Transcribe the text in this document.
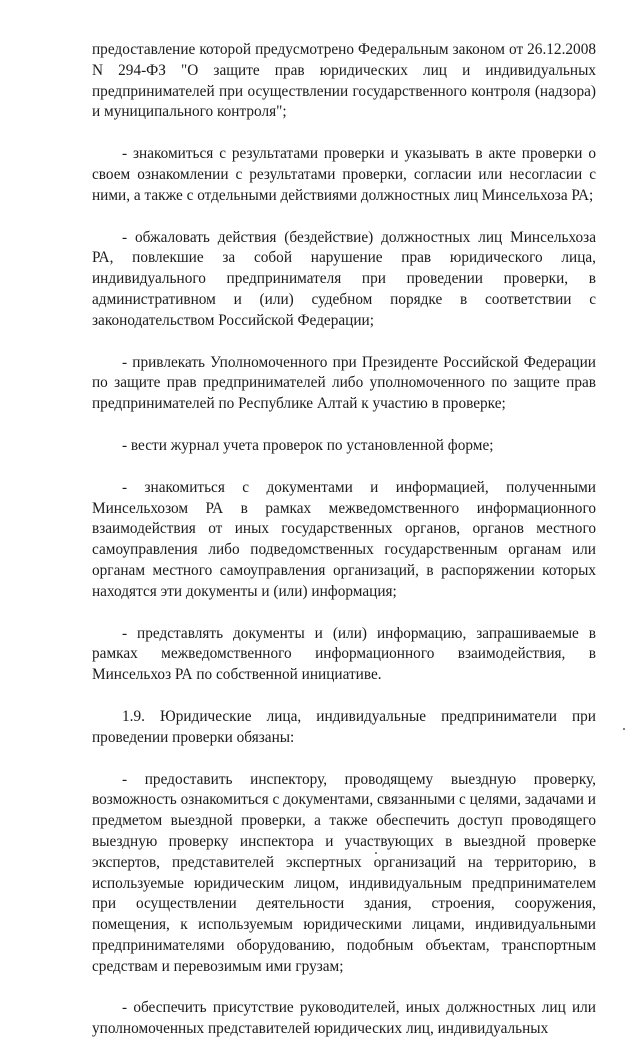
предоставление которой предусмотрено Федеральным законом от 26.12.2008 N 294-ФЗ "О защите прав юридических лиц и индивидуальных предпринимателей при осуществлении государственного контроля (надзора) и муниципального контроля";

- знакомиться с результатами проверки и указывать в акте проверки о своем ознакомлении с результатами проверки, согласии или несогласии с ними, а также с отдельными действиями должностных лиц Минсельхоза РА;

- обжаловать действия (бездействие) должностных лиц Минсельхоза РА, повлекшие за собой нарушение прав юридического лица, индивидуального предпринимателя при проведении проверки, в административном и (или) судебном порядке в соответствии с законодательством Российской Федерации;

- привлекать Уполномоченного при Президенте Российской Федерации по защите прав предпринимателей либо уполномоченного по защите прав предпринимателей по Республике Алтай к участию в проверке;

- вести журнал учета проверок по установленной форме;

- знакомиться с документами и информацией, полученными Минсельхозом РА в рамках межведомственного информационного взаимодействия от иных государственных органов, органов местного самоуправления либо подведомственных государственным органам или органам местного самоуправления организаций, в распоряжении которых находятся эти документы и (или) информация;

- представлять документы и (или) информацию, запрашиваемые в рамках межведомственного информационного взаимодействия, в Минсельхоз РА по собственной инициативе.

1.9. Юридические лица, индивидуальные предприниматели при проведении проверки обязаны:

- предоставить инспектору, проводящему выездную проверку, возможность ознакомиться с документами, связанными с целями, задачами и предметом выездной проверки, а также обеспечить доступ проводящего выездную проверку инспектора и участвующих в выездной проверке экспертов, представителей экспертных организаций на территорию, в используемые юридическим лицом, индивидуальным предпринимателем при осуществлении деятельности здания, строения, сооружения, помещения, к используемым юридическими лицами, индивидуальными предпринимателями оборудованию, подобным объектам, транспортным средствам и перевозимым ими грузам;

- обеспечить присутствие руководителей, иных должностных лиц или уполномоченных представителей юридических лиц, индивидуальных
